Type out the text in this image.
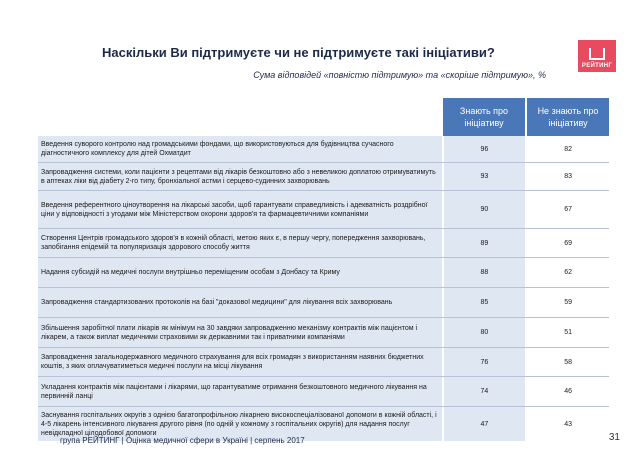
Наскільки Ви підтримуєте чи не підтримуєте такі ініціативи?
Сума відповідей «повністю підтримую» та «скоріше підтримую», %
РЕЙТИНГ
Знають про ініціативу
Не знають про ініціативу
Введення суворого контролю над громадськими фондами, що використовуються для будівництва сучасного діагностичного комплексу для дітей Охматдит
96	82
Запровадження системи, коли пацієнти з рецептами від лікарів безкоштовно або з невеликою доплатою отримуватимуть в аптеках ліки від діабету 2-го типу, бронхіальної астми і серцево-судинних захворювань
93	83
Введення референтного ціноутворення на лікарські засоби, щоб гарантувати справедливість і адекватність роздрібної ціни у відповідності з угодами між Міністерством охорони здоров'я та фармацевтичними компаніями
90	67
Створення Центрів громадського здоров'я в кожній області, метою яких є, в першу чергу, попередження захворювань, запобігання епідемій та популяризація здорового способу життя
89	69
Надання субсидій на медичні послуги внутрішньо переміщеним особам з Донбасу та Криму	88	62
Запровадження стандартизованих протоколів на базі "доказової медицини" для лікування всіх захворювань	85	59
Збільшення заробітної плати лікарів як мінімум на 30 завдяки запровадженню механізму контрактів між пацієнтом і лікарем, а також виплат медичними страховими як державними так і приватними компаніями
80	51
Запровадження загальнодержавного медичного страхування для всіх громадян з використанням наявних бюджетних коштів, з яких оплачуватиметься медичні послуги на місці лікування
76	58
Укладання контрактів між пацієнтами і лікарями, що гарантуватиме отримання безкоштовного медичного лікування на первинній ланці
74	46
Заснування госпітальних округів з однією багатопрофільною лікарнею високоспеціалізованої допомоги в кожній області, і 4-5 лікарень інтенсивного лікування другого рівня (по одній у кожному з госпітальних округів) для надання послуг невідкладної цілодобової допомоги
47	43
група РЕЙТИНГ | Оцінка медичної сфери в Україні | серпень 2017	31
